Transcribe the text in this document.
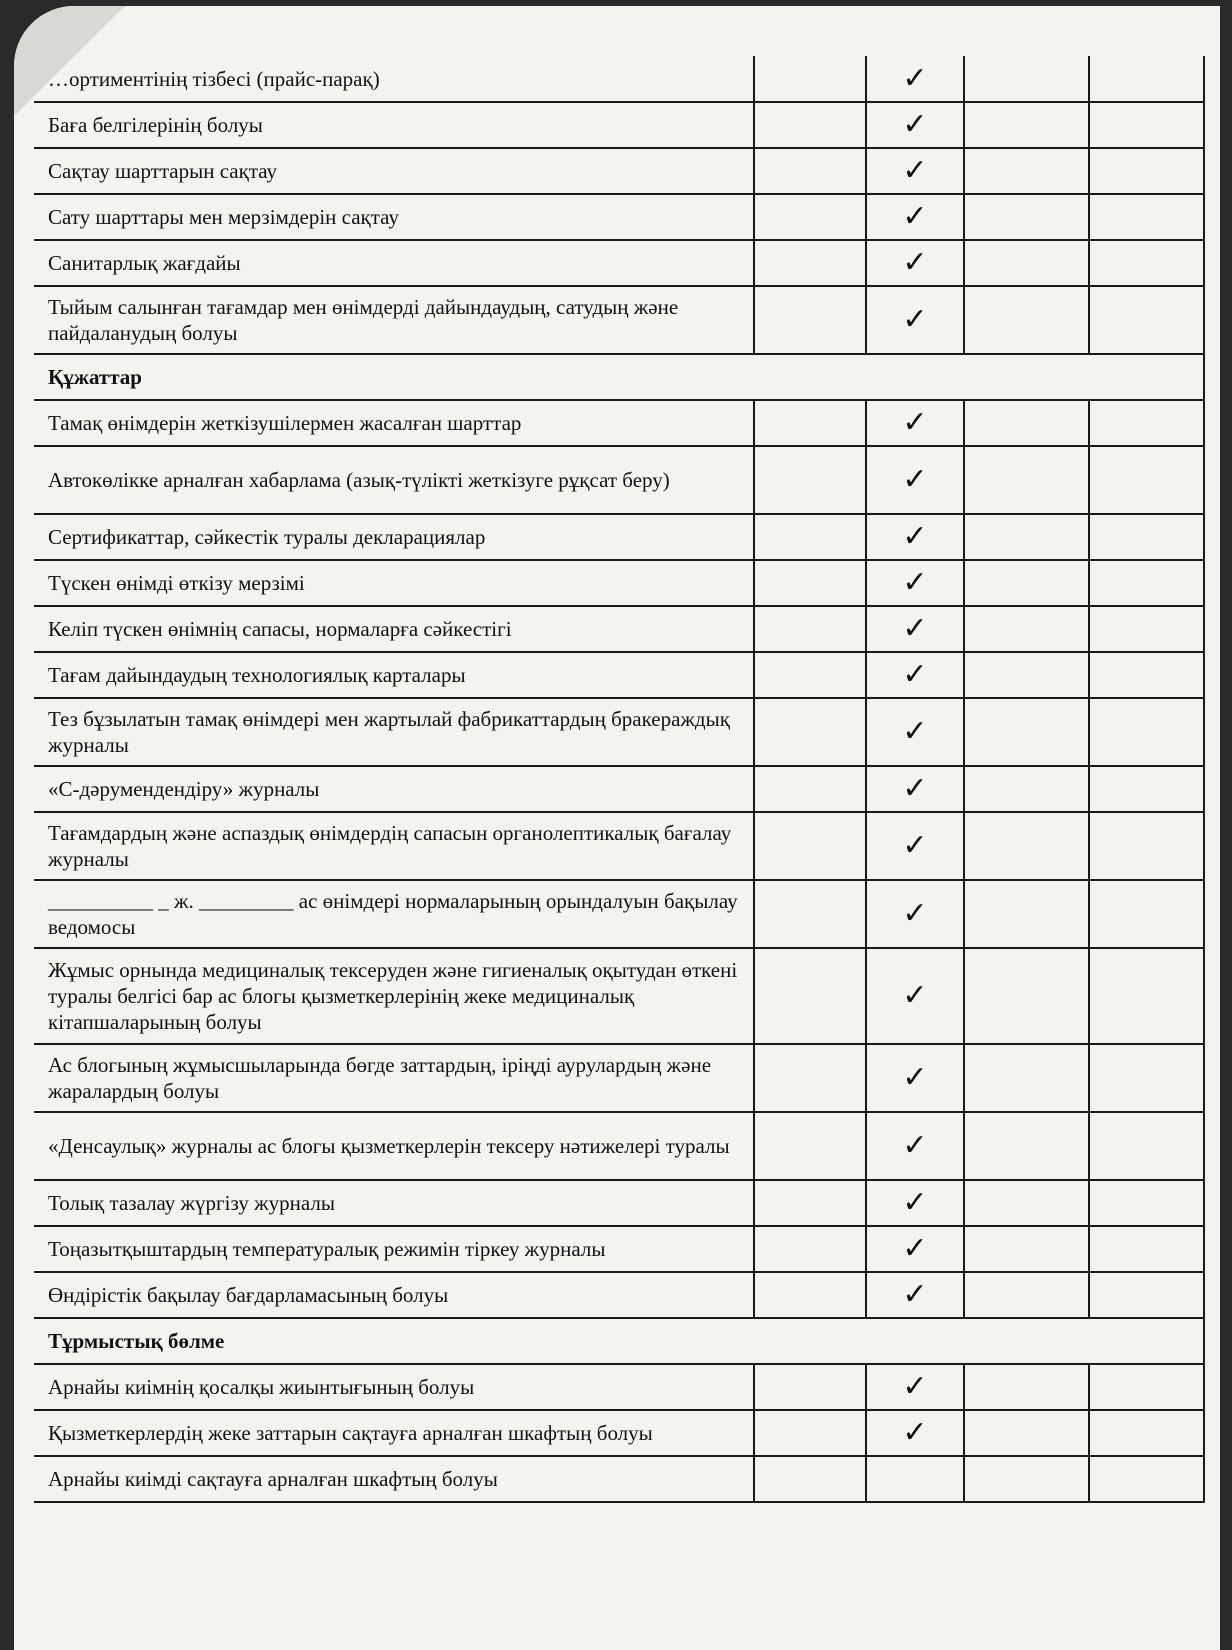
…ортиментінің тізбесі (прайс-парақ)		✓		
Баға белгілерінің болуы		✓		
Сақтау шарттарын сақтау		✓		
Сату шарттары мен мерзімдерін сақтау		✓		
Санитарлық жағдайы		✓		
Тыйым салынған тағамдар мен өнімдерді дайындаудың, сатудың және пайдаланудың болуы		✓		
Құжаттар				
Тамақ өнімдерін жеткізушілермен жасалған шарттар		✓		
Автокөлікке арналған хабарлама (азық-түлікті жеткізуге рұқсат беру)		✓		
Сертификаттар, сәйкестік туралы декларациялар		✓		
Түскен өнімді өткізу мерзімі		✓		
Келіп түскен өнімнің сапасы, нормаларға сәйкестігі		✓		
Тағам дайындаудың технологиялық карталары		✓		
Тез бұзылатын тамақ өнімдері мен жартылай фабрикаттардың бракераждық журналы		✓		
«С-дәрумендендіру» журналы		✓		
Тағамдардың және аспаздық өнімдердің сапасын органолептикалық бағалау журналы		✓		
__________ _ ж. _________ ас өнімдері нормаларының орындалуын бақылау ведомосы		✓		
Жұмыс орнында медициналық тексеруден және гигиеналық оқытудан өткені туралы белгісі бар ас блогы қызметкерлерінің жеке медициналық кітапшаларының болуы		✓		
Ас блогының жұмысшыларында бөгде заттардың, іріңді аурулардың және жаралардың болуы		✓		
«Денсаулық» журналы ас блогы қызметкерлерін тексеру нәтижелері туралы		✓		
Толық тазалау жүргізу журналы		✓		
Тоңазытқыштардың температуралық режимін тіркеу журналы		✓		
Өндірістік бақылау бағдарламасының болуы		✓		
Тұрмыстық бөлме				
Арнайы киімнің қосалқы жиынтығының болуы		✓		
Қызметкерлердің жеке заттарын сақтауға арналған шкафтың болуы		✓		
Арнайы киімді сақтауға арналған шкафтың болуы				
